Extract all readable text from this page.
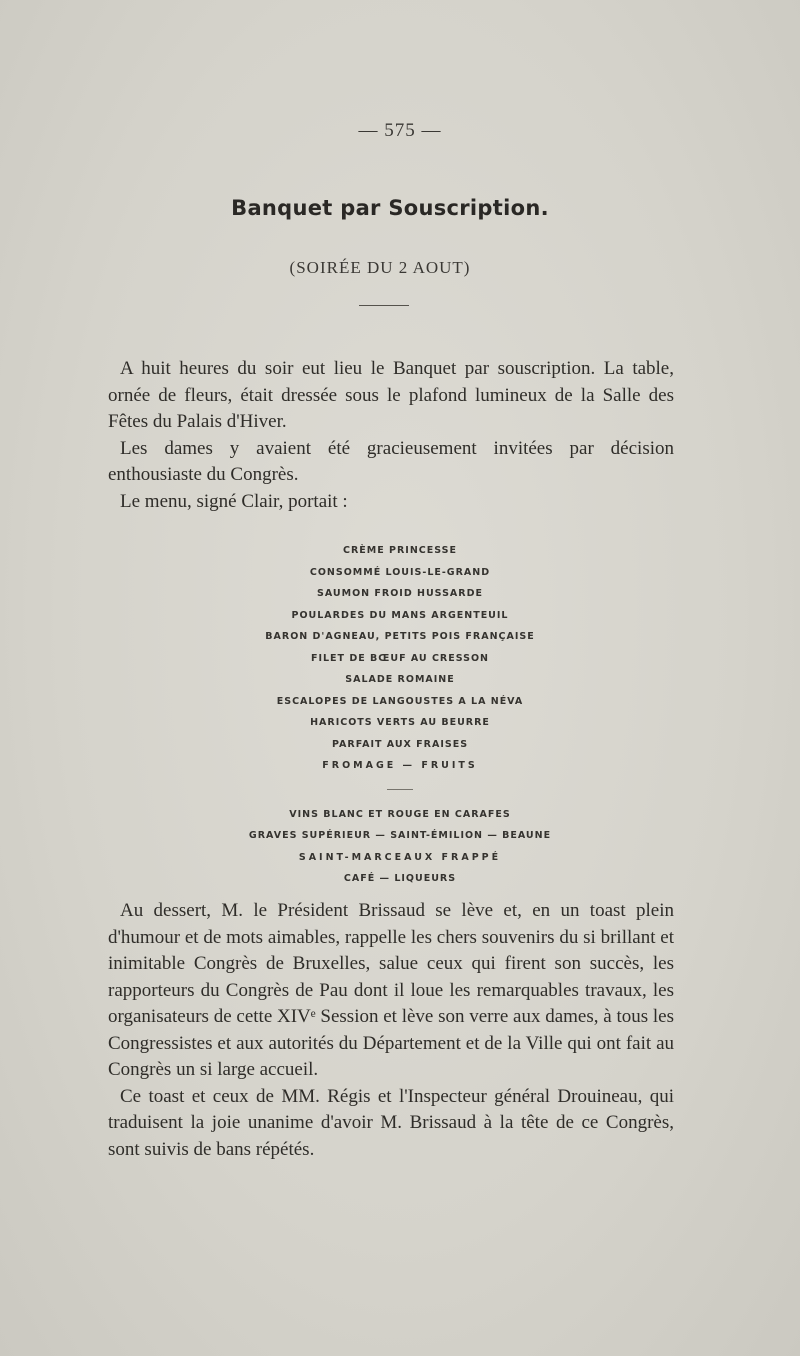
— 575 —
Banquet par Souscription.
(SOIRÉE DU 2 AOUT)

A huit heures du soir eut lieu le Banquet par souscription. La table, ornée de fleurs, était dressée sous le plafond lumineux de la Salle des Fêtes du Palais d'Hiver.

Les dames y avaient été gracieusement invitées par décision enthousiaste du Congrès.

Le menu, signé Clair, portait :

CRÈME PRINCESSE
CONSOMMÉ LOUIS-LE-GRAND
SAUMON FROID HUSSARDE
POULARDES DU MANS ARGENTEUIL
BARON D'AGNEAU, PETITS POIS FRANÇAISE
FILET DE BŒUF AU CRESSON
SALADE ROMAINE
ESCALOPES DE LANGOUSTES A LA NÉVA
HARICOTS VERTS AU BEURRE
PARFAIT AUX FRAISES
FROMAGE — FRUITS
VINS BLANC ET ROUGE EN CARAFES
GRAVES SUPÉRIEUR — SAINT-ÉMILION — BEAUNE
SAINT-MARCEAUX FRAPPÉ
CAFÉ — LIQUEURS

Au dessert, M. le Président Brissaud se lève et, en un toast plein d'humour et de mots aimables, rappelle les chers souvenirs du si brillant et inimitable Congrès de Bruxelles, salue ceux qui firent son succès, les rapporteurs du Congrès de Pau dont il loue les remarquables travaux, les organisateurs de cette XIVᵉ Session et lève son verre aux dames, à tous les Congressistes et aux autorités du Département et de la Ville qui ont fait au Congrès un si large accueil.

Ce toast et ceux de MM. Régis et l'Inspecteur général Drouineau, qui traduisent la joie unanime d'avoir M. Brissaud à la tête de ce Congrès, sont suivis de bans répétés.
